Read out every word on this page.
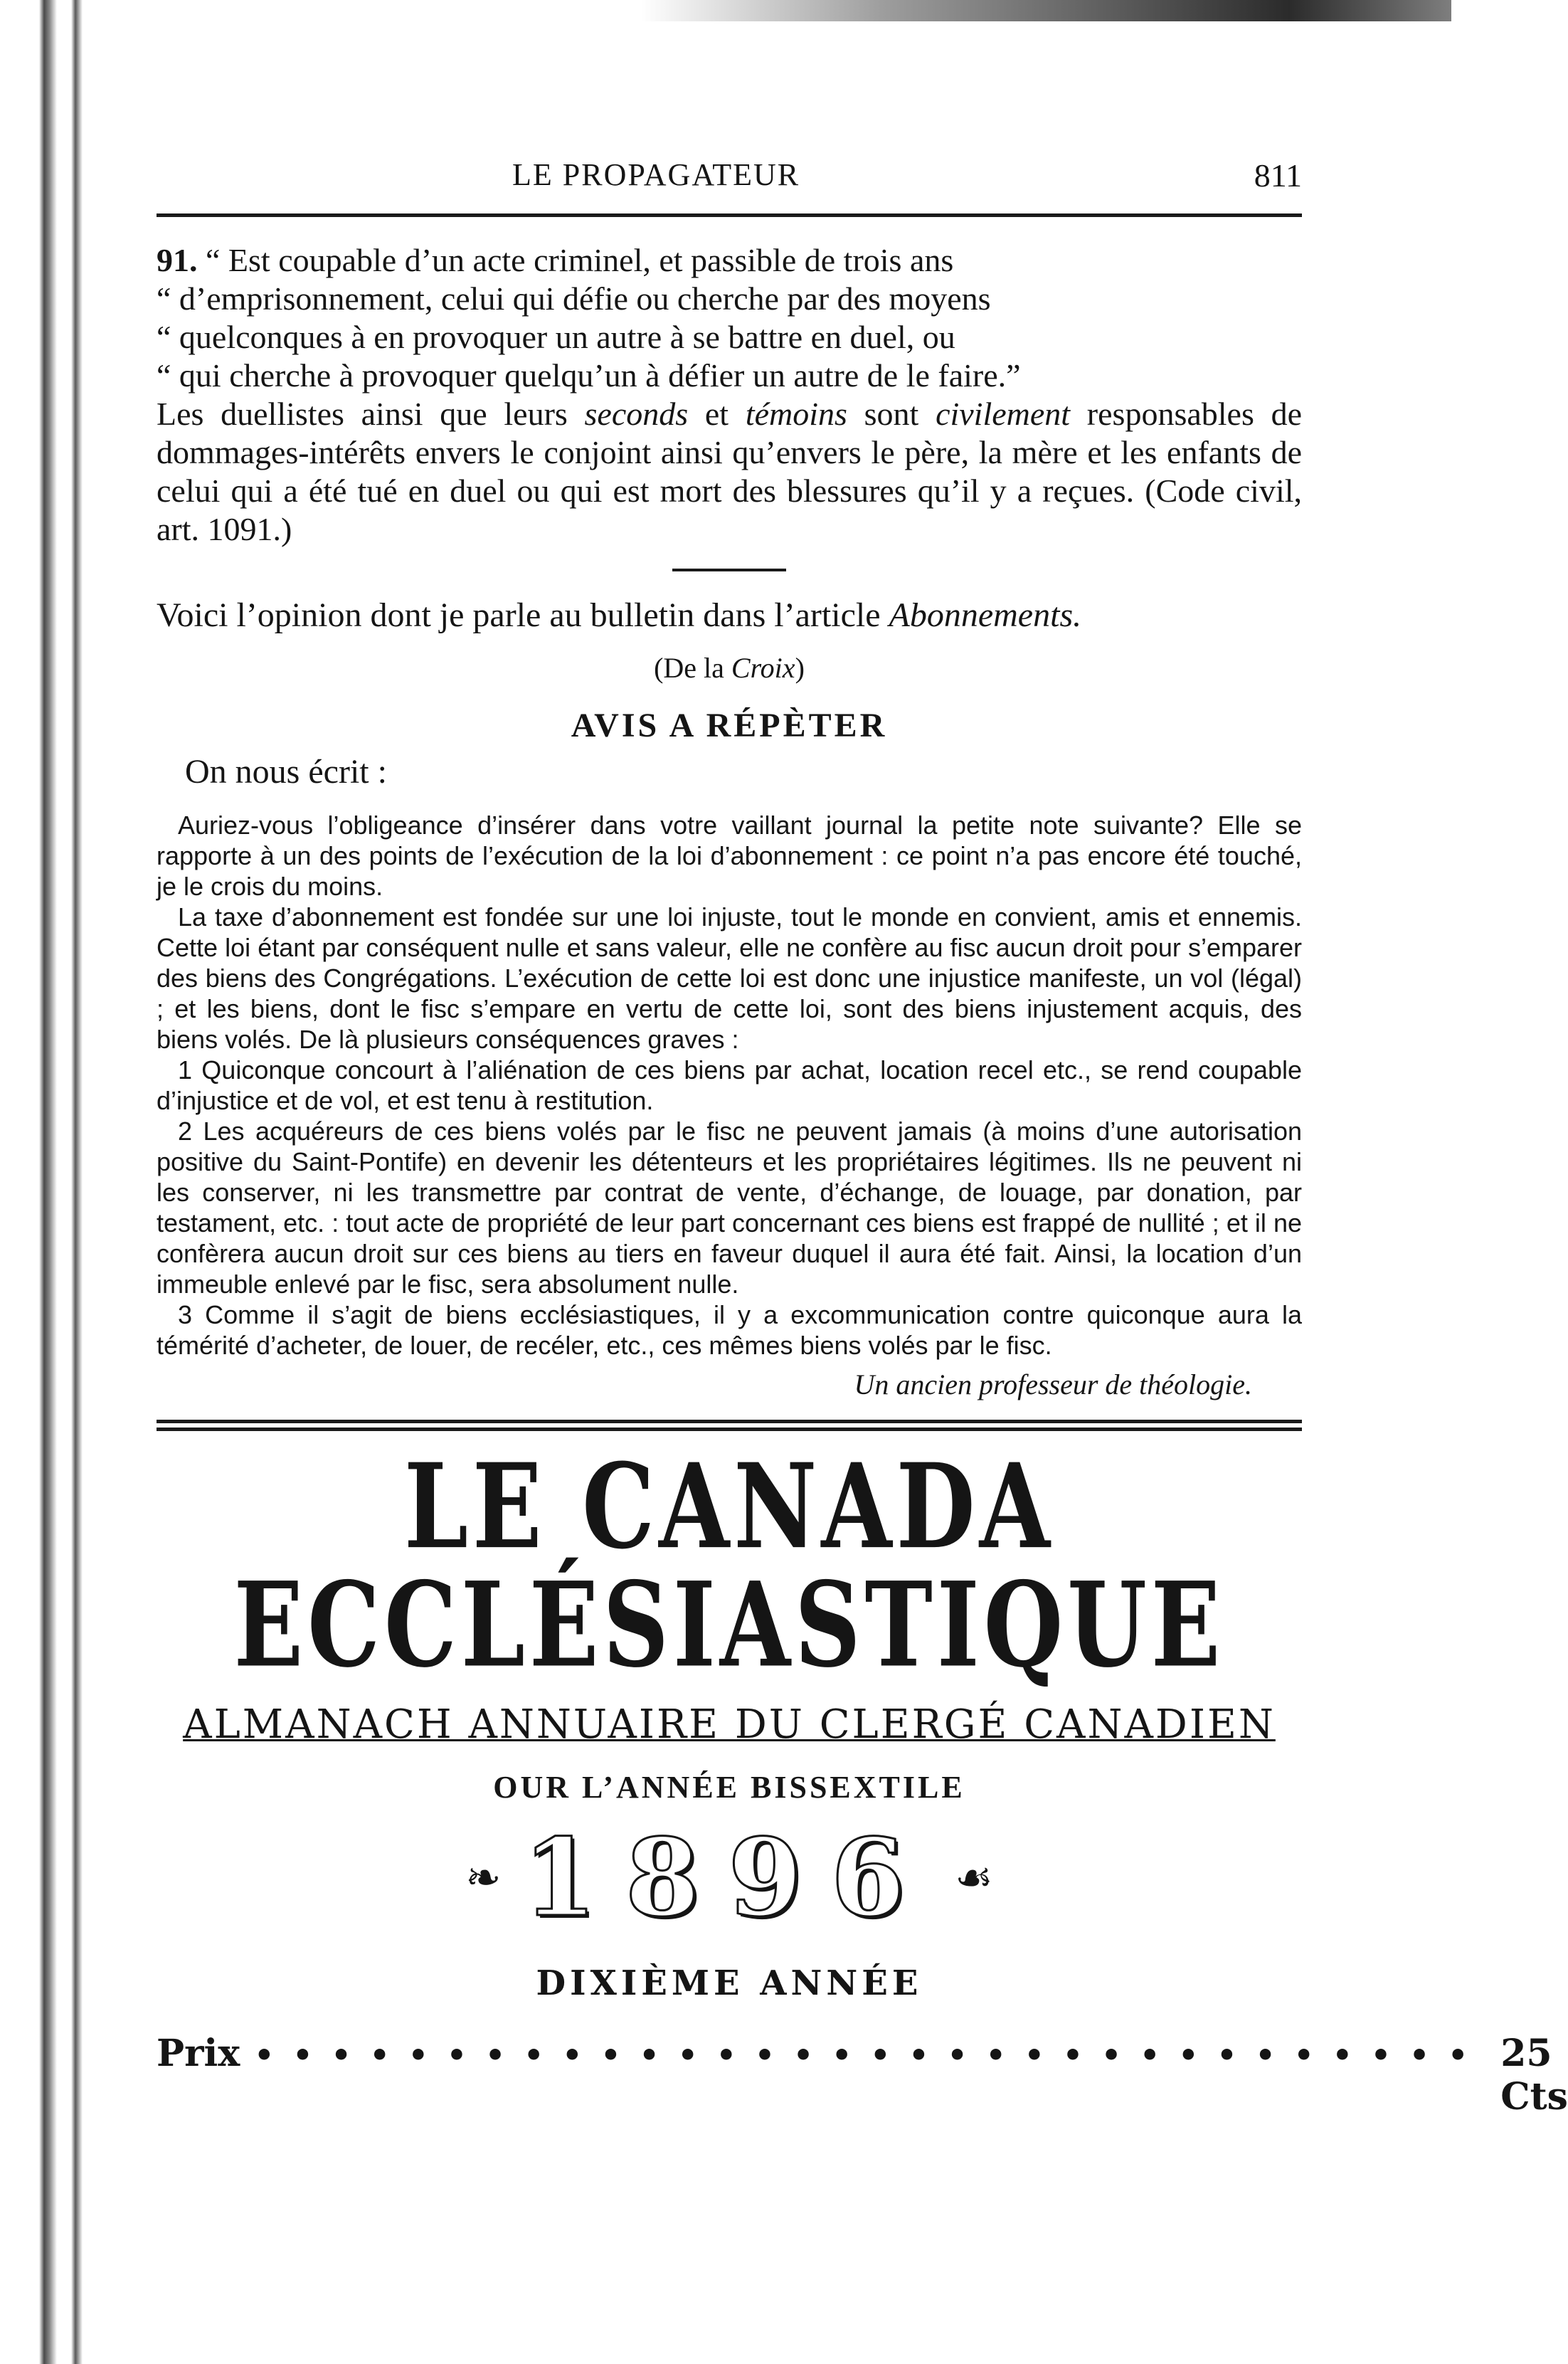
LE PROPAGATEUR	811

91. “ Est coupable d’un acte criminel, et passible de trois ans

“ d’emprisonnement, celui qui défie ou cherche par des moyens

“ quelconques à en provoquer un autre à se battre en duel, ou

“ qui cherche à provoquer quelqu’un à défier un autre de le faire.”

Les duellistes ainsi que leurs seconds et témoins sont civilement responsables de dommages-intérêts envers le conjoint ainsi qu’envers le père, la mère et les enfants de celui qui a été tué en duel ou qui est mort des blessures qu’il y a reçues. (Code civil, art. 1091.)

Voici l’opinion dont je parle au bulletin dans l’article Abonnements.
(De la Croix)
AVIS A RÉPÈTER
On nous écrit :

Auriez-vous l’obligeance d’insérer dans votre vaillant journal la petite note suivante? Elle se rapporte à un des points de l’exécution de la loi d’abonnement : ce point n’a pas encore été touché, je le crois du moins.

La taxe d’abonnement est fondée sur une loi injuste, tout le monde en convient, amis et ennemis. Cette loi étant par conséquent nulle et sans valeur, elle ne confère au fisc aucun droit pour s’emparer des biens des Congrégations. L’exécution de cette loi est donc une injustice manifeste, un vol (légal) ; et les biens, dont le fisc s’empare en vertu de cette loi, sont des biens injustement acquis, des biens volés. De là plusieurs conséquences graves :

1 Quiconque concourt à l’aliénation de ces biens par achat, location recel etc., se rend coupable d’injustice et de vol, et est tenu à restitution.

2 Les acquéreurs de ces biens volés par le fisc ne peuvent jamais (à moins d’une autorisation positive du Saint-Pontife) en devenir les détenteurs et les propriétaires légitimes. Ils ne peuvent ni les conserver, ni les transmettre par contrat de vente, d’échange, de louage, par donation, par testament, etc. : tout acte de propriété de leur part concernant ces biens est frappé de nullité ; et il ne confèrera aucun droit sur ces biens au tiers en faveur duquel il aura été fait. Ainsi, la location d’un immeuble enlevé par le fisc, sera absolument nulle.

3 Comme il s’agit de biens ecclésiastiques, il y a excommunication contre quiconque aura la témérité d’acheter, de louer, de recéler, etc., ces mêmes biens volés par le fisc.

Un ancien professeur de théologie.
LE CANADA ECCLÉSIASTIQUE
ALMANACH ANNUAIRE DU CLERGÉ CANADIEN
OUR L’ANNÉE BISSEXTILE
❧ 1896 ☙
DIXIÈME ANNÉE
Prix •••••••••••••••••••••••••••••••• 25 Cts
